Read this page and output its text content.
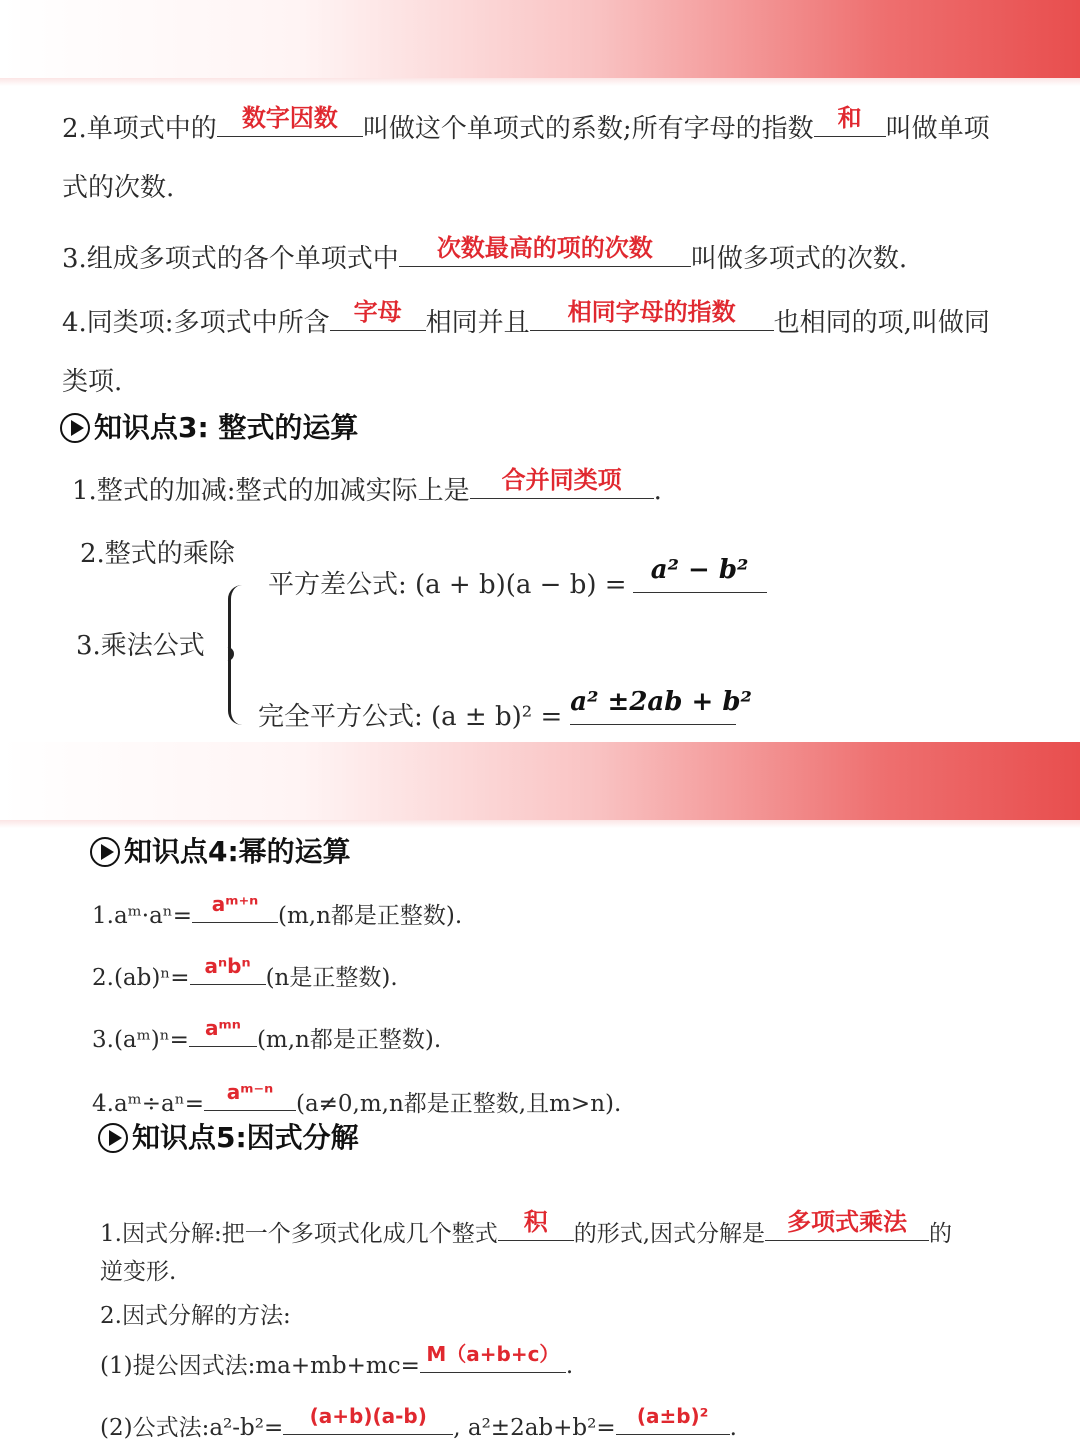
2.单项式中的	数字因数 叫做这个单项式的系数;所有字母的指数	和 叫做单项
式的次数.
3.组成多项式的各个单项式中	次数最高的项的次数	叫做多项式的次数.
4.同类项:多项式中所含	字母 相同并且	相同字母的指数	也相同的项,叫做同
类项.
知识点3: 整式的运算
1.整式的加减:整式的加减实际上是	合并同类项	.
2.整式的乘除
3.乘法公式
平方差公式: (a + b)(a − b) = a² − b²
完全平方公式: (a ± b)² = a² ±2ab + b²
知识点4:幂的运算
1.aᵐ·aⁿ= aᵐ⁺ⁿ (m,n都是正整数).
2.(ab)ⁿ= aⁿbⁿ (n是正整数).
3.(aᵐ)ⁿ= aᵐⁿ (m,n都是正整数).
4.aᵐ÷aⁿ=	aᵐ⁻ⁿ (a≠0,m,n都是正整数,且m>n).
知识点5:因式分解
1.因式分解:把一个多项式化成几个整式	积	的形式,因式分解是 多项式乘法 的
逆变形.
2.因式分解的方法:
(1)提公因式法:ma+mb+mc= M（a+b+c） .
(2)公式法:a²-b²=	(a+b)(a-b)	, a²±2ab+b²=	(a±b)² .
